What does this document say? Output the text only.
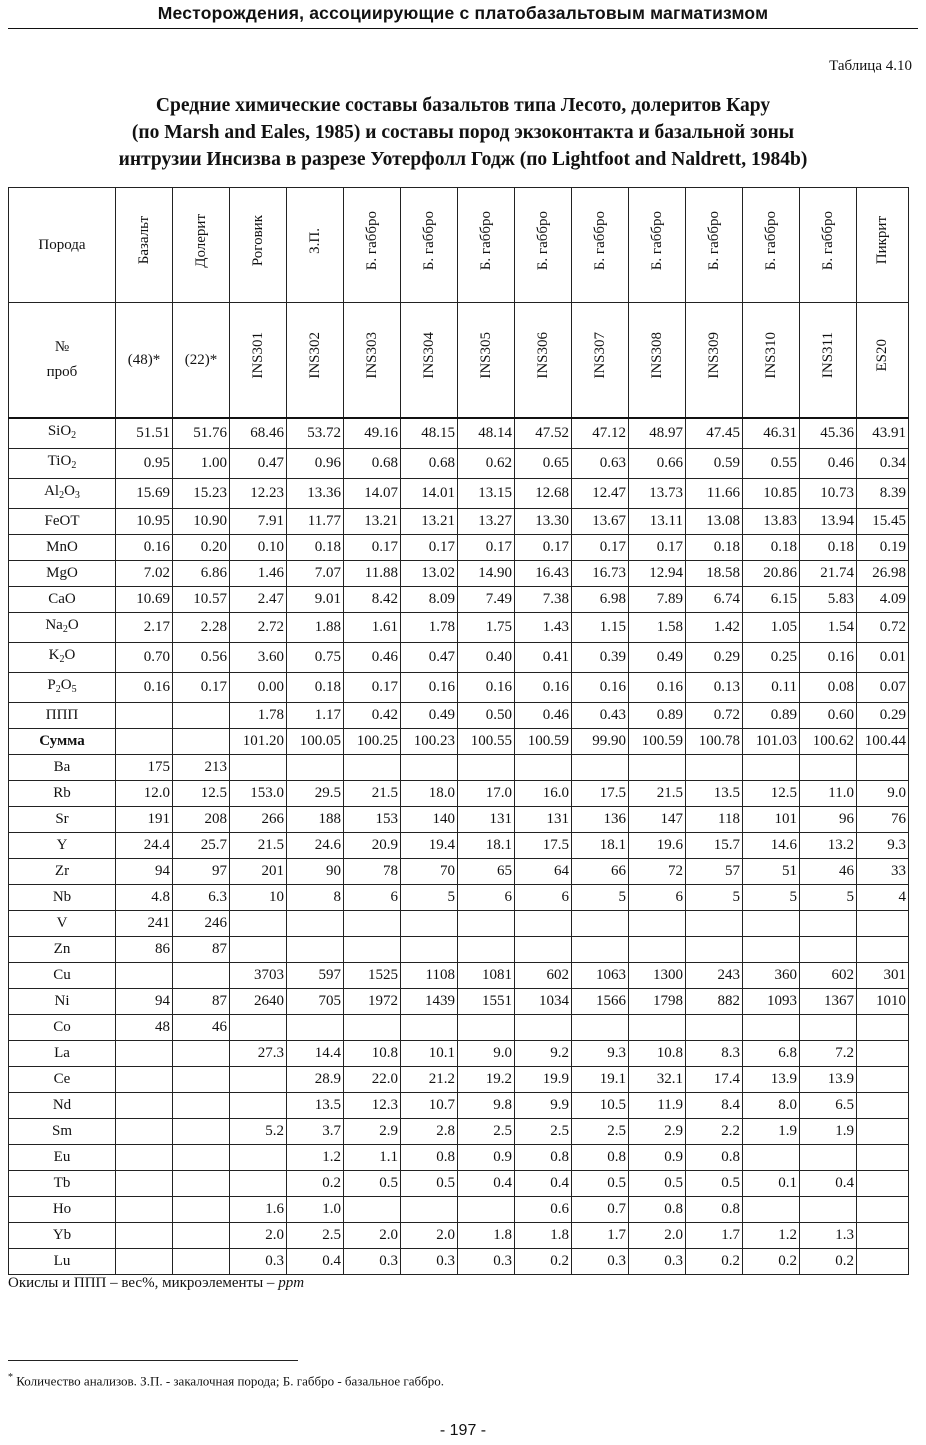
Месторождения, ассоциирующие с платобазальтовым магматизмом
Таблица 4.10
Средние химические составы базальтов типа Лесото, долеритов Кару
(по Marsh and Eales, 1985) и составы пород экзоконтакта и базальной зоны
интрузии Инсизва в разрезе Уотерфолл Годж (по Lightfoot and Naldrett, 1984b)
Порода	Базальт	Долерит	Роговик	З.П.	Б. габбро	Б. габбро	Б. габбро	Б. габбро	Б. габбро	Б. габбро	Б. габбро	Б. габбро	Б. габбро	Пикрит

№
проб	(48)*	(22)*	INS301	INS302	INS303	INS304	INS305	INS306	INS307	INS308	INS309	INS310	INS311	ES20
SiO$_2$	51.51	51.76	68.46	53.72	49.16	48.15	48.14	47.52	47.12	48.97	47.45	46.31	45.36	43.91
TiO$_2$	0.95	1.00	0.47	0.96	0.68	0.68	0.62	0.65	0.63	0.66	0.59	0.55	0.46	0.34
$Al_2O_3$	15.69	15.23	12.23	13.36	14.07	14.01	13.15	12.68	12.47	13.73	11.66	10.85	10.73	8.39
FeOT	10.95	10.90	7.91	11.77	13.21	13.21	13.27	13.30	13.67	13.11	13.08	13.83	13.94	15.45
MnO	0.16	0.20	0.10	0.18	0.17	0.17	0.17	0.17	0.17	0.17	0.18	0.18	0.18	0.19
MgO	7.02	6.86	1.46	7.07	11.88	13.02	14.90	16.43	16.73	12.94	18.58	20.86	21.74	26.98
CaO	10.69	10.57	2.47	9.01	8.42	8.09	7.49	7.38	6.98	7.89	6.74	6.15	5.83	4.09
$Na_2O$	2.17	2.28	2.72	1.88	1.61	1.78	1.75	1.43	1.15	1.58	1.42	1.05	1.54	0.72
$K_2O$	0.70	0.56	3.60	0.75	0.46	0.47	0.40	0.41	0.39	0.49	0.29	0.25	0.16	0.01
$P_2O_5$	0.16	0.17	0.00	0.18	0.17	0.16	0.16	0.16	0.16	0.16	0.13	0.11	0.08	0.07
ППП			1.78	1.17	0.42	0.49	0.50	0.46	0.43	0.89	0.72	0.89	0.60	0.29
Сумма			101.20	100.05	100.25	100.23	100.55	100.59	99.90	100.59	100.78	101.03	100.62	100.44
Ba	175	213												
Rb	12.0	12.5	153.0	29.5	21.5	18.0	17.0	16.0	17.5	21.5	13.5	12.5	11.0	9.0
Sr	191	208	266	188	153	140	131	131	136	147	118	101	96	76
Y	24.4	25.7	21.5	24.6	20.9	19.4	18.1	17.5	18.1	19.6	15.7	14.6	13.2	9.3
Zr	94	97	201	90	78	70	65	64	66	72	57	51	46	33
Nb	4.8	6.3	10	8	6	5	6	6	5	6	5	5	5	4
V	241	246												
Zn	86	87												
Cu			3703	597	1525	1108	1081	602	1063	1300	243	360	602	301
Ni	94	87	2640	705	1972	1439	1551	1034	1566	1798	882	1093	1367	1010
Co	48	46												
La			27.3	14.4	10.8	10.1	9.0	9.2	9.3	10.8	8.3	6.8	7.2	
Ce				28.9	22.0	21.2	19.2	19.9	19.1	32.1	17.4	13.9	13.9	
Nd				13.5	12.3	10.7	9.8	9.9	10.5	11.9	8.4	8.0	6.5	
Sm			5.2	3.7	2.9	2.8	2.5	2.5	2.5	2.9	2.2	1.9	1.9	
Eu				1.2	1.1	0.8	0.9	0.8	0.8	0.9	0.8			
Tb				0.2	0.5	0.5	0.4	0.4	0.5	0.5	0.5	0.1	0.4	
Ho			1.6	1.0				0.6	0.7	0.8	0.8			
Yb			2.0	2.5	2.0	2.0	1.8	1.8	1.7	2.0	1.7	1.2	1.3	
Lu			0.3	0.4	0.3	0.3	0.3	0.2	0.3	0.3	0.2	0.2	0.2	
Окислы и ППП – вес%, микроэлементы – ppm
* Количество анализов. З.П. - закалочная порода; Б. габбро - базальное габбро.
- 197 -
